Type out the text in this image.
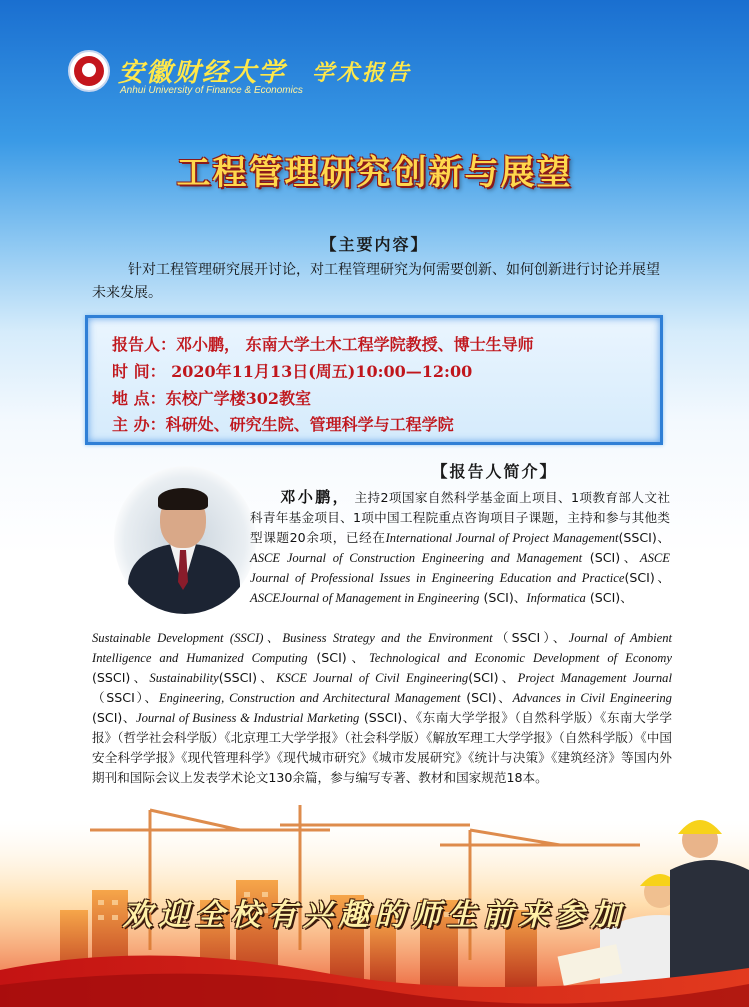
安徽财经大学
Anhui University of Finance & Economics
学术报告
工程管理研究创新与展望
【主要内容】
针对工程管理研究展开讨论，对工程管理研究为何需要创新、如何创新进行讨论并展望未来发展。
报告人：邓小鹏， 东南大学土木工程学院教授、博士生导师
时 间： 2020年11月13日(周五)10:00—12:00
地 点：东校广学楼302教室
主 办：科研处、研究生院、管理科学与工程学院
【报告人简介】
邓小鹏， 主持2项国家自然科学基金面上项目、1项教育部人文社科青年基金项目、1项中国工程院重点咨询项目子课题，主持和参与其他类型课题20余项，已经在International Journal of Project Management(SSCI)、ASCE Journal of Construction Engineering and Management (SCI)、ASCE Journal of Professional Issues in Engineering Education and Practice(SCI)、ASCEJournal of Management in Engineering (SCI)、Informatica (SCI)、
Sustainable Development (SSCI)、Business Strategy and the Environment（SSCI）、Journal of Ambient Intelligence and Humanized Computing (SCI)、Technological and Economic Development of Economy (SSCI)、Sustainability(SSCI)、KSCE Journal of Civil Engineering(SCI)、Project Management Journal（SSCI）、Engineering, Construction and Architectural Management (SCI)、Advances in Civil Engineering (SCI)、Journal of Business & Industrial Marketing (SSCI)、《东南大学学报》（自然科学版）《东南大学学报》（哲学社会科学版）《北京理工大学学报》（社会科学版）《解放军理工大学学报》（自然科学版）《中国安全科学学报》《现代管理科学》《现代城市研究》《城市发展研究》《统计与决策》《建筑经济》等国内外期刊和国际会议上发表学术论文130余篇，参与编写专著、教材和国家规范18本。
欢迎全校有兴趣的师生前来参加
